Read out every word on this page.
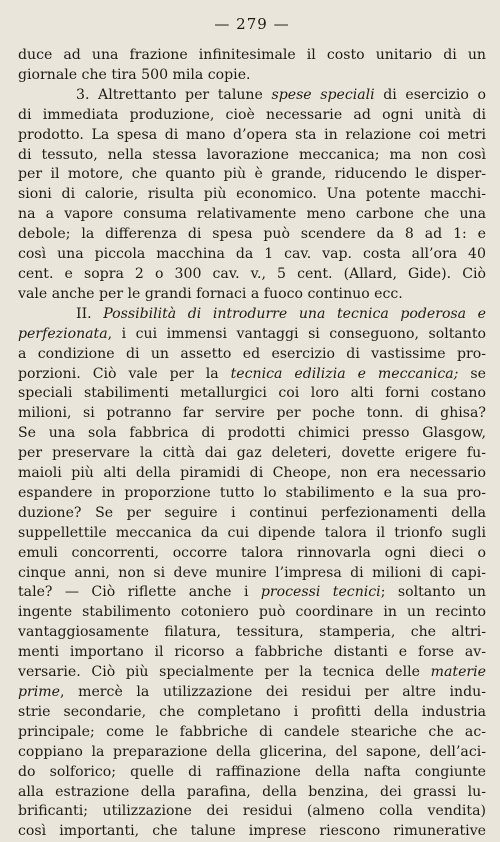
— 279 —
duce ad una frazione infinitesimale il costo unitario di un
giornale che tira 500 mila copie.
3. Altrettanto per talune spese speciali di esercizio o
di immediata produzione, cioè necessarie ad ogni unità di
prodotto. La spesa di mano d’opera sta in relazione coi metri
di tessuto, nella stessa lavorazione meccanica; ma non così
per il motore, che quanto più è grande, riducendo le disper-
sioni di calorie, risulta più economico. Una potente macchi-
na a vapore consuma relativamente meno carbone che una
debole; la differenza di spesa può scendere da 8 ad 1: e
così una piccola macchina da 1 cav. vap. costa all’ora 40
cent. e sopra 2 o 300 cav. v., 5 cent. (Allard, Gide). Ciò
vale anche per le grandi fornaci a fuoco continuo ecc.
II. Possibilità di introdurre una tecnica poderosa e
perfezionata, i cui immensi vantaggi si conseguono, soltanto
a condizione di un assetto ed esercizio di vastissime pro-
porzioni. Ciò vale per la tecnica edilizia e meccanica; se
speciali stabilimenti metallurgici coi loro alti forni costano
milioni, si potranno far servire per poche tonn. di ghisa?
Se una sola fabbrica di prodotti chimici presso Glasgow,
per preservare la città dai gaz deleteri, dovette erigere fu-
maioli più alti della piramidi di Cheope, non era necessario
espandere in proporzione tutto lo stabilimento e la sua pro-
duzione? Se per seguire i continui perfezionamenti della
suppellettile meccanica da cui dipende talora il trionfo sugli
emuli concorrenti, occorre talora rinnovarla ogni dieci o
cinque anni, non si deve munire l’impresa di milioni di capi-
tale? — Ciò riflette anche i processi tecnici; soltanto un
ingente stabilimento cotoniero può coordinare in un recinto
vantaggiosamente filatura, tessitura, stamperia, che altri-
menti importano il ricorso a fabbriche distanti e forse av-
versarie. Ciò più specialmente per la tecnica delle materie
prime, mercè la utilizzazione dei residui per altre indu-
strie secondarie, che completano i profitti della industria
principale; come le fabbriche di candele steariche che ac-
coppiano la preparazione della glicerina, del sapone, dell’aci-
do solforico; quelle di raffinazione della nafta congiunte
alla estrazione della parafina, della benzina, dei grassi lu-
brificanti; utilizzazione dei residui (almeno colla vendita)
così importanti, che talune imprese riescono rimunerative
